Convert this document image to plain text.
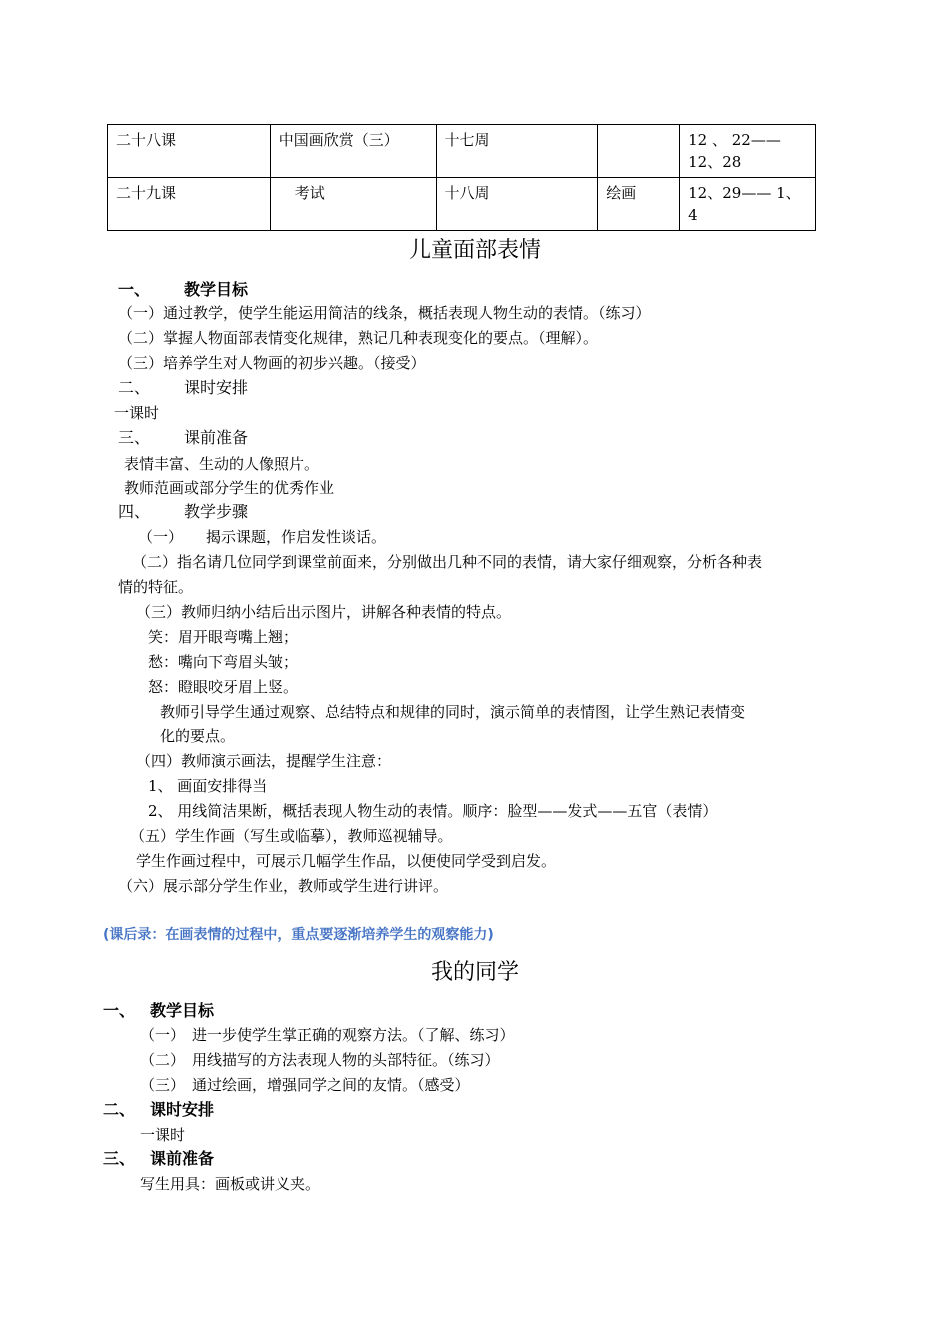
二十八课	中国画欣赏（三）	十七周		12 、 22——12、28
二十九课	考试	十八周	绘画	12、29—— 1、4
儿童面部表情
一、 教学目标
（一）通过教学，使学生能运用简洁的线条，概括表现人物生动的表情。（练习）
（二）掌握人物面部表情变化规律，熟记几种表现变化的要点。（理解）。
（三）培养学生对人物画的初步兴趣。（接受）
二、 课时安排
一课时
三、 课前准备
表情丰富、生动的人像照片。
教师范画或部分学生的优秀作业
四、 教学步骤
（一） 揭示课题，作启发性谈话。
（二）指名请几位同学到课堂前面来，分别做出几种不同的表情，请大家仔细观察，分析各种表
情的特征。
（三）教师归纳小结后出示图片，讲解各种表情的特点。
笑：眉开眼弯嘴上翘；
愁：嘴向下弯眉头皱；
怒：瞪眼咬牙眉上竖。
教师引导学生通过观察、总结特点和规律的同时，演示简单的表情图，让学生熟记表情变
化的要点。
（四）教师演示画法，提醒学生注意：
1、 画面安排得当
2、 用线简洁果断，概括表现人物生动的表情。顺序：脸型——发式——五官（表情）
（五）学生作画（写生或临摹），教师巡视辅导。
学生作画过程中，可展示几幅学生作品，以便使同学受到启发。
（六）展示部分学生作业，教师或学生进行讲评。
(课后录：在画表情的过程中，重点要逐渐培养学生的观察能力)
我的同学
一、 教学目标
（一） 进一步使学生掌正确的观察方法。（了解、练习）
（二） 用线描写的方法表现人物的头部特征。（练习）
（三） 通过绘画，增强同学之间的友情。（感受）
二、 课时安排
一课时
三、 课前准备
写生用具：画板或讲义夹。
